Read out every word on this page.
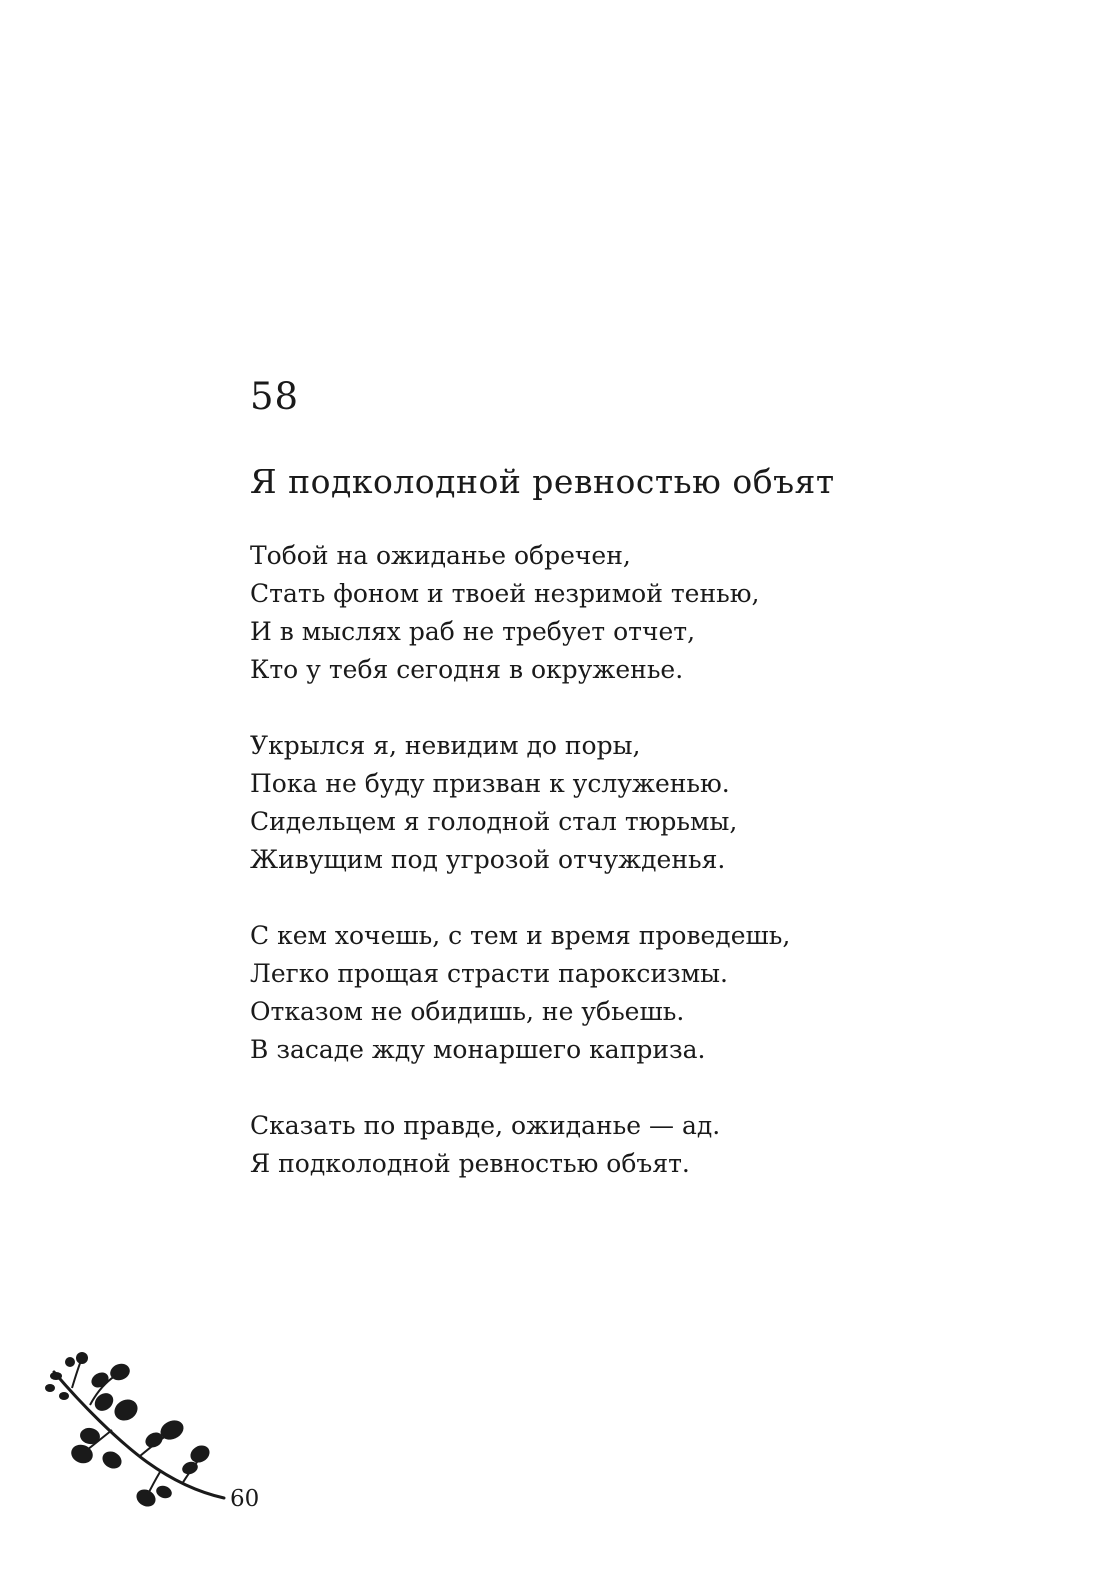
58
Я подколодной ревностью объят
Тобой на ожиданье обречен,
Стать фоном и твоей незримой тенью,
И в мыслях раб не требует отчет,
Кто у тебя сегодня в окруженье.
Укрылся я, невидим до поры,
Пока не буду призван к услуженью.
Сидельцем я голодной стал тюрьмы,
Живущим под угрозой отчужденья.
С кем хочешь, с тем и время проведешь,
Легко прощая страсти пароксизмы.
Отказом не обидишь, не убьешь.
В засаде жду монаршего каприза.
Сказать по правде, ожиданье — ад.
Я подколодной ревностью объят.
60
